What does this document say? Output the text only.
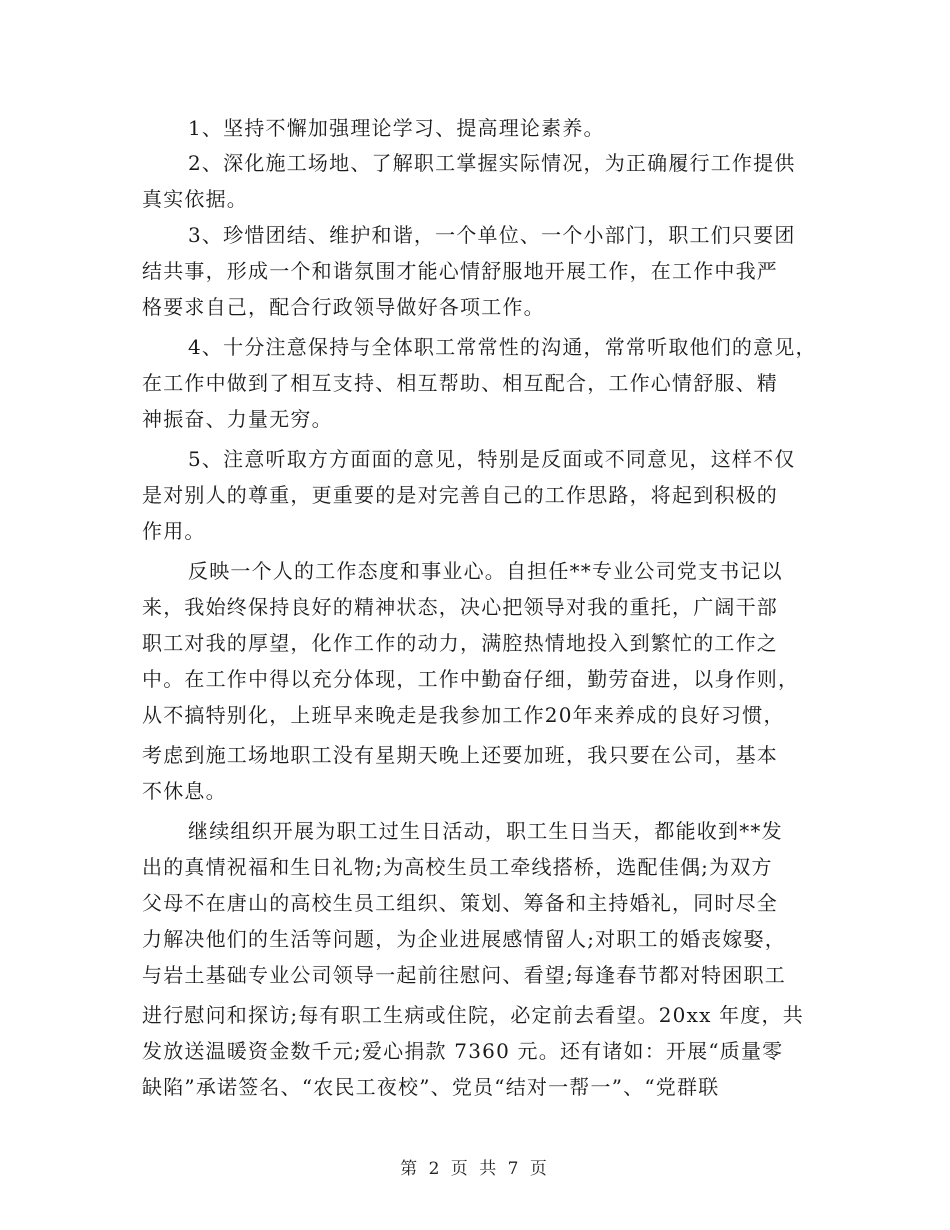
1、坚持不懈加强理论学习、提高理论素养。
2、深化施工场地、了解职工掌握实际情况，为正确履行工作提供
真实依据。
3、珍惜团结、维护和谐，一个单位、一个小部门，职工们只要团
结共事，形成一个和谐氛围才能心情舒服地开展工作，在工作中我严
格要求自己，配合行政领导做好各项工作。
4、十分注意保持与全体职工常常性的沟通，常常听取他们的意见，
在工作中做到了相互支持、相互帮助、相互配合，工作心情舒服、精
神振奋、力量无穷。
5、注意听取方方面面的意见，特别是反面或不同意见，这样不仅
是对别人的尊重，更重要的是对完善自己的工作思路，将起到积极的
作用。
反映一个人的工作态度和事业心。自担任**专业公司党支书记以
来，我始终保持良好的精神状态，决心把领导对我的重托，广阔干部
职工对我的厚望，化作工作的动力，满腔热情地投入到繁忙的工作之
中。在工作中得以充分体现，工作中勤奋仔细，勤劳奋进，以身作则，
从不搞特别化，上班早来晚走是我参加工作20年来养成的良好习惯，
考虑到施工场地职工没有星期天晚上还要加班，我只要在公司，基本
不休息。
继续组织开展为职工过生日活动，职工生日当天，都能收到**发
出的真情祝福和生日礼物;为高校生员工牵线搭桥，选配佳偶;为双方
父母不在唐山的高校生员工组织、策划、筹备和主持婚礼，同时尽全
力解决他们的生活等问题，为企业进展感情留人;对职工的婚丧嫁娶，
与岩土基础专业公司领导一起前往慰问、看望;每逢春节都对特困职工
进行慰问和探访;每有职工生病或住院，必定前去看望。20xx 年度，共
发放送温暖资金数千元;爱心捐款 7360 元。还有诸如：开展“质量零
缺陷”承诺签名、“农民工夜校”、党员“结对一帮一”、“党群联
第 2 页 共 7 页
